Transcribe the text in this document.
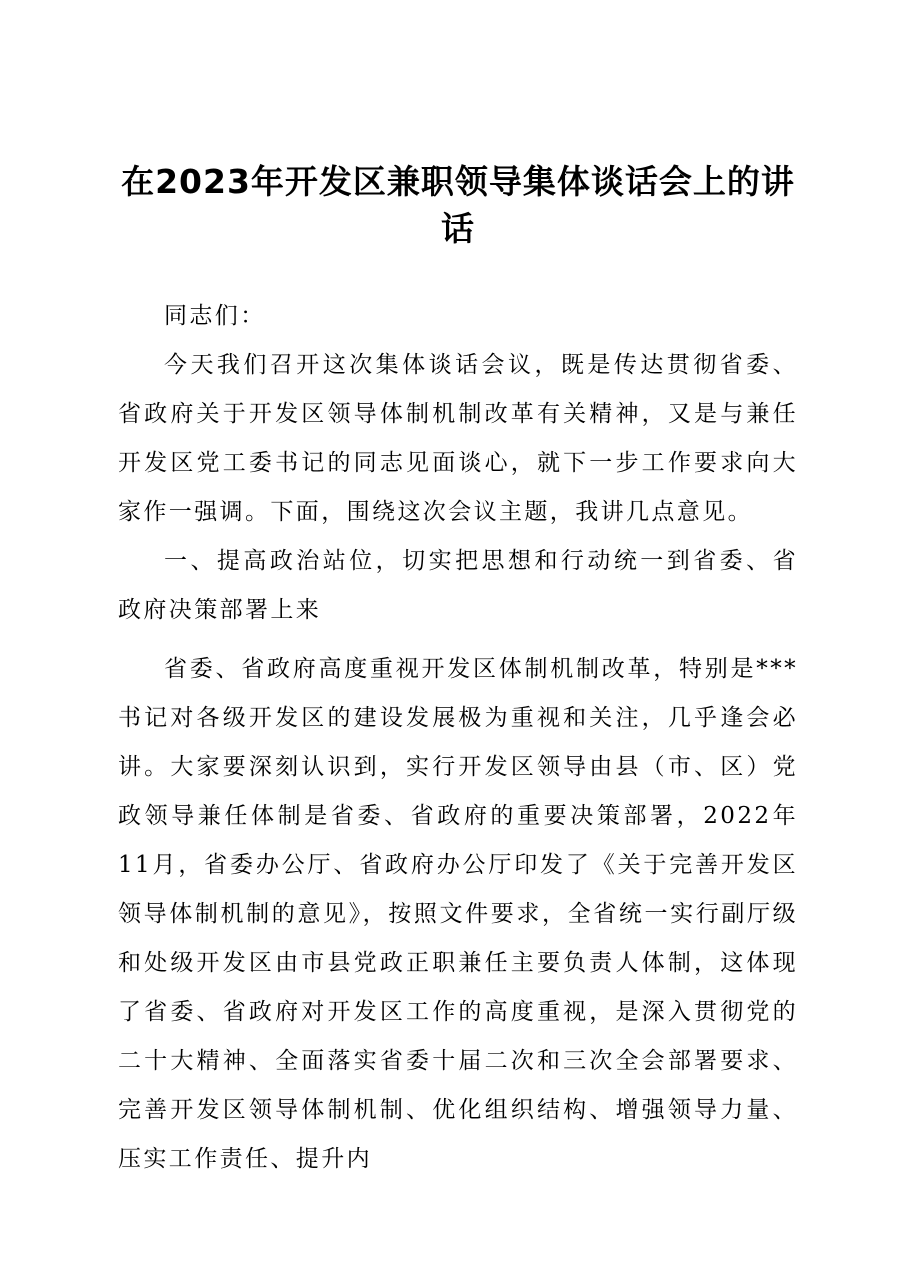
在2023年开发区兼职领导集体谈话会上的讲话

同志们：

今天我们召开这次集体谈话会议，既是传达贯彻省委、省政府关于开发区领导体制机制改革有关精神，又是与兼任开发区党工委书记的同志见面谈心，就下一步工作要求向大家作一强调。下面，围绕这次会议主题，我讲几点意见。

一、提高政治站位，切实把思想和行动统一到省委、省政府决策部署上来

省委、省政府高度重视开发区体制机制改革，特别是***书记对各级开发区的建设发展极为重视和关注，几乎逢会必讲。大家要深刻认识到，实行开发区领导由县（市、区）党政领导兼任体制是省委、省政府的重要决策部署，2022年11月，省委办公厅、省政府办公厅印发了《关于完善开发区领导体制机制的意见》，按照文件要求，全省统一实行副厅级和处级开发区由市县党政正职兼任主要负责人体制，这体现了省委、省政府对开发区工作的高度重视，是深入贯彻党的二十大精神、全面落实省委十届二次和三次全会部署要求、完善开发区领导体制机制、优化组织结构、增强领导力量、压实工作责任、提升内
